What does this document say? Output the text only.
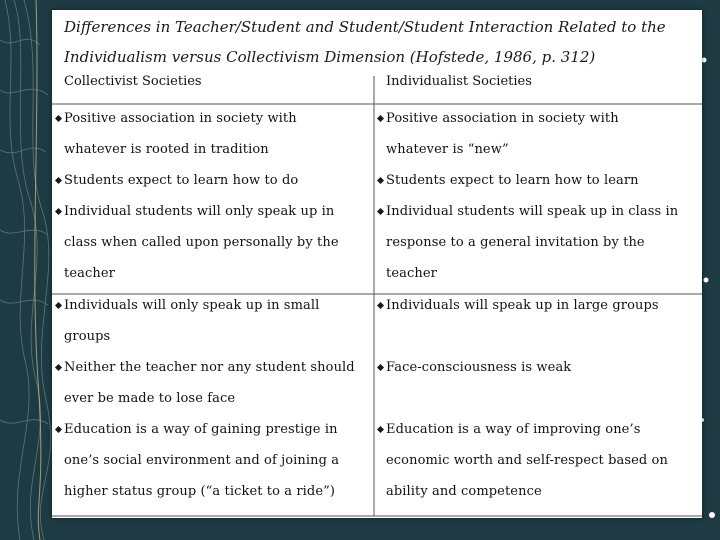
Differences in Teacher/Student and Student/Student Interaction Related to the
Individualism versus Collectivism Dimension (Hofstede, 1986, p. 312)
Collectivist Societies	Individualist Societies
Positive association in society with
whatever is rooted in tradition
Positive association in society with
whatever is “new”
Students expect to learn how to do	Students expect to learn how to learn
Individual students will only speak up in
class when called upon personally by the
teacher
Individual students will speak up in class in
response to a general invitation by the
teacher
Individuals will only speak up in small
groups
Individuals will speak up in large groups
Neither the teacher nor any student should
ever be made to lose face
Face-consciousness is weak
Education is a way of gaining prestige in
one’s social environment and of joining a
higher status group (“a ticket to a ride”)
Education is a way of improving one’s
economic worth and self-respect based on
ability and competence
